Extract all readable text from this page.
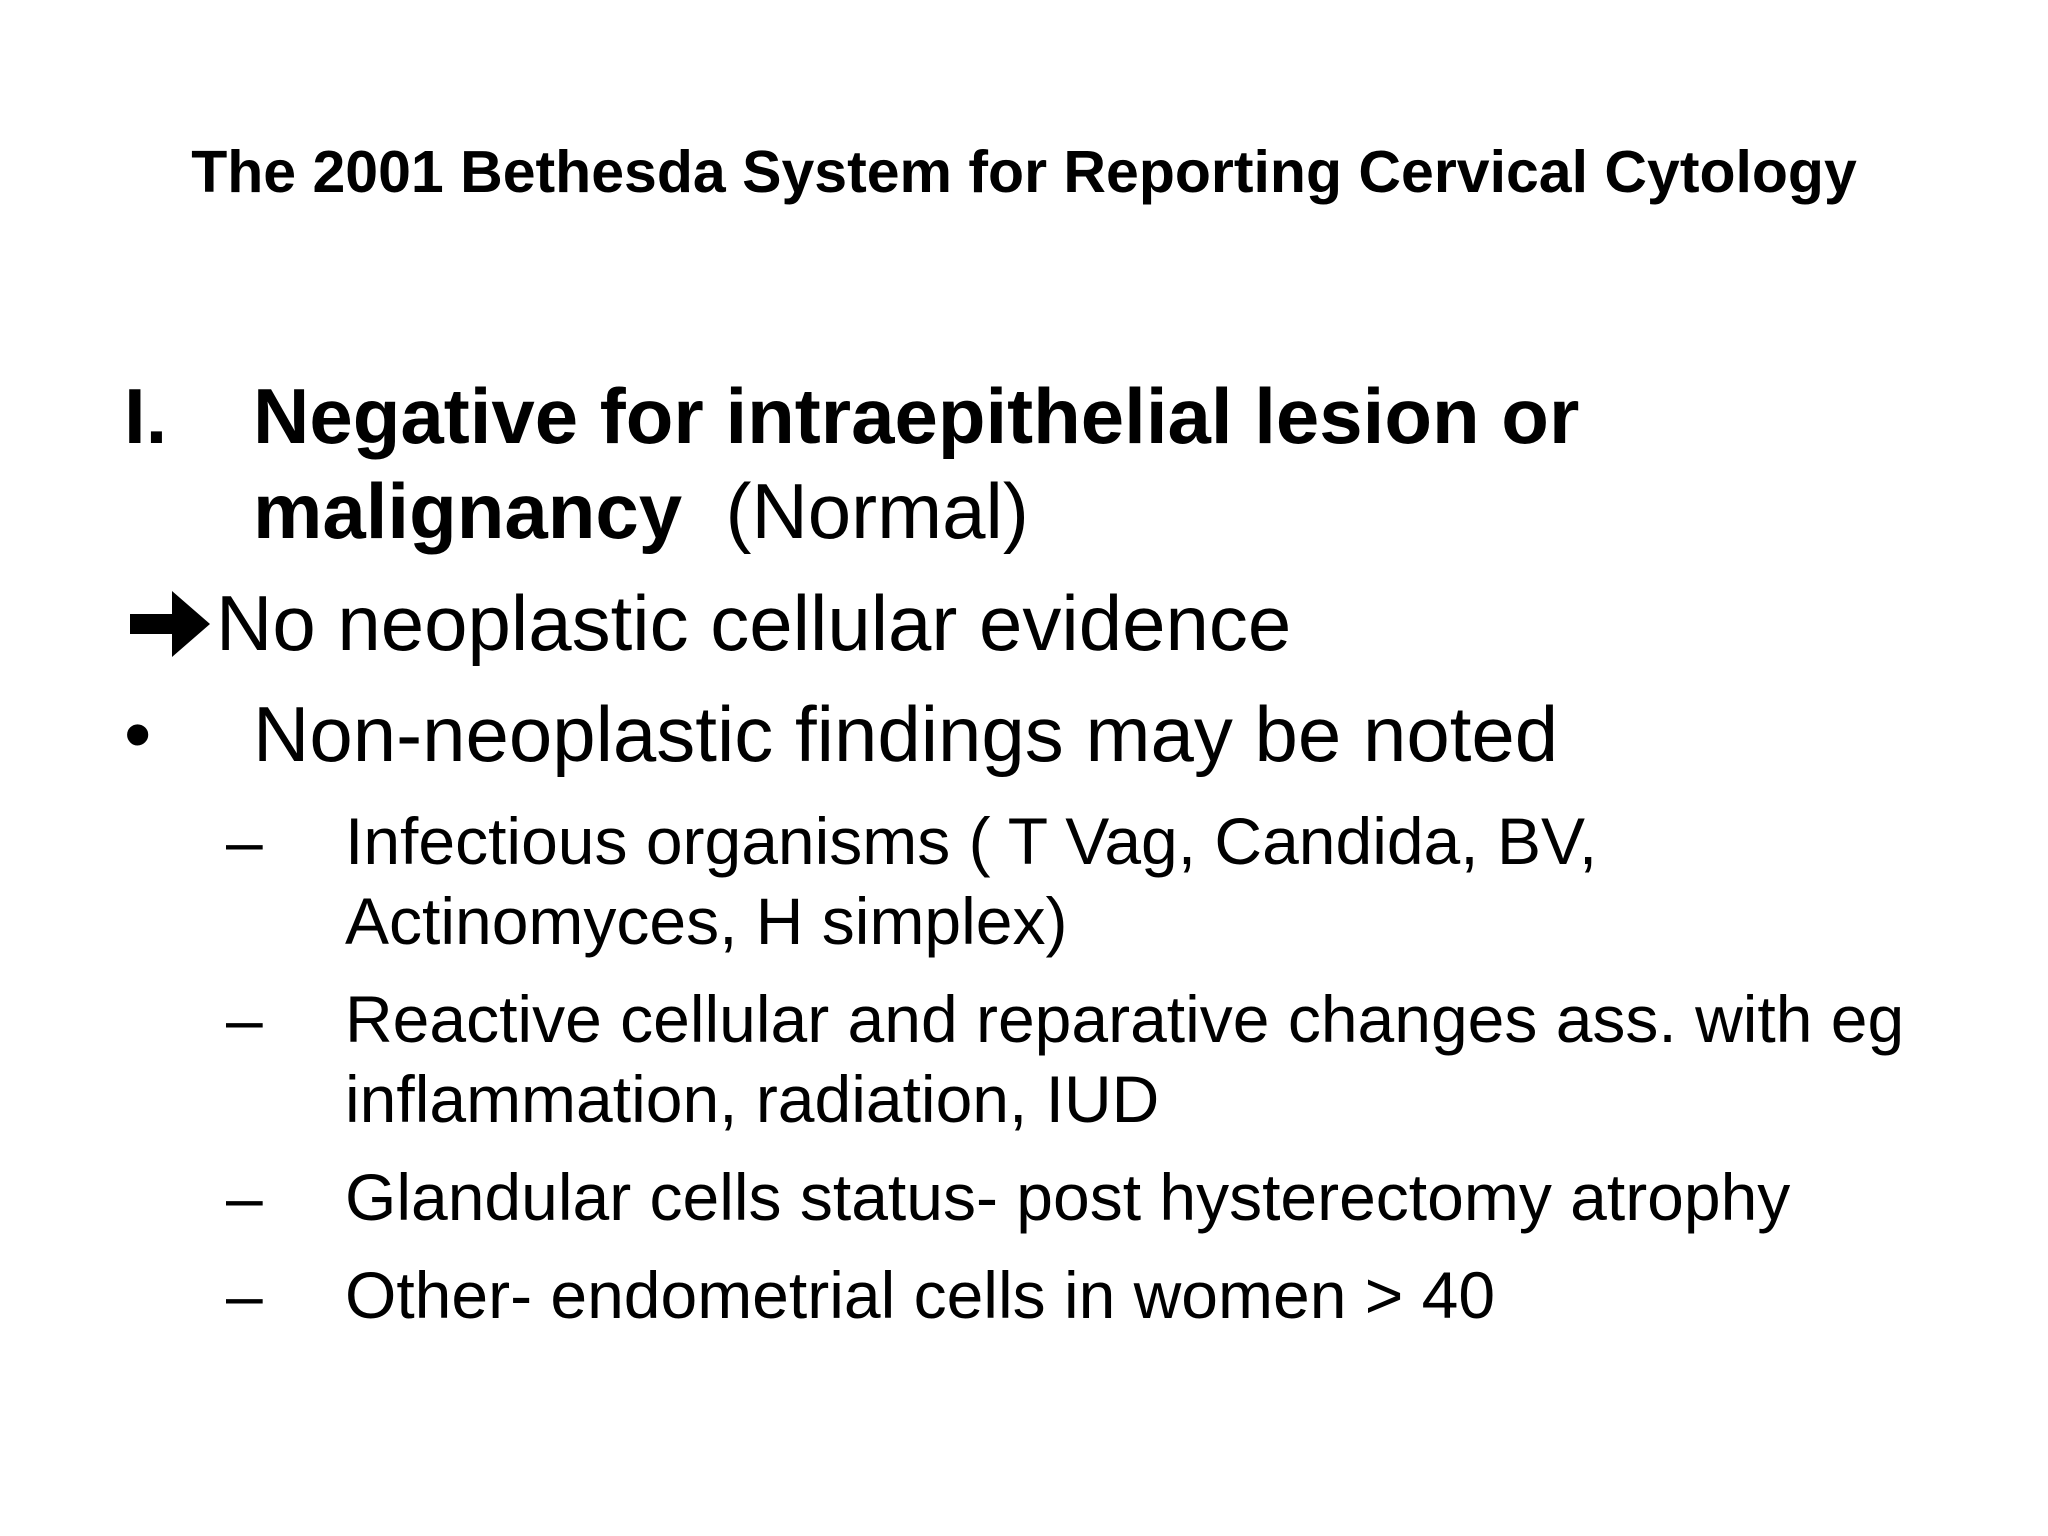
The 2001 Bethesda System for Reporting Cervical Cytology
I. Negative for intraepithelial lesion or
malignancy (Normal)
No neoplastic cellular evidence
• Non-neoplastic findings may be noted
– Infectious organisms ( T Vag, Candida, BV,
Actinomyces, H simplex)
– Reactive cellular and reparative changes ass. with eg
inflammation, radiation, IUD
– Glandular cells status- post hysterectomy atrophy
– Other- endometrial cells in women > 40
